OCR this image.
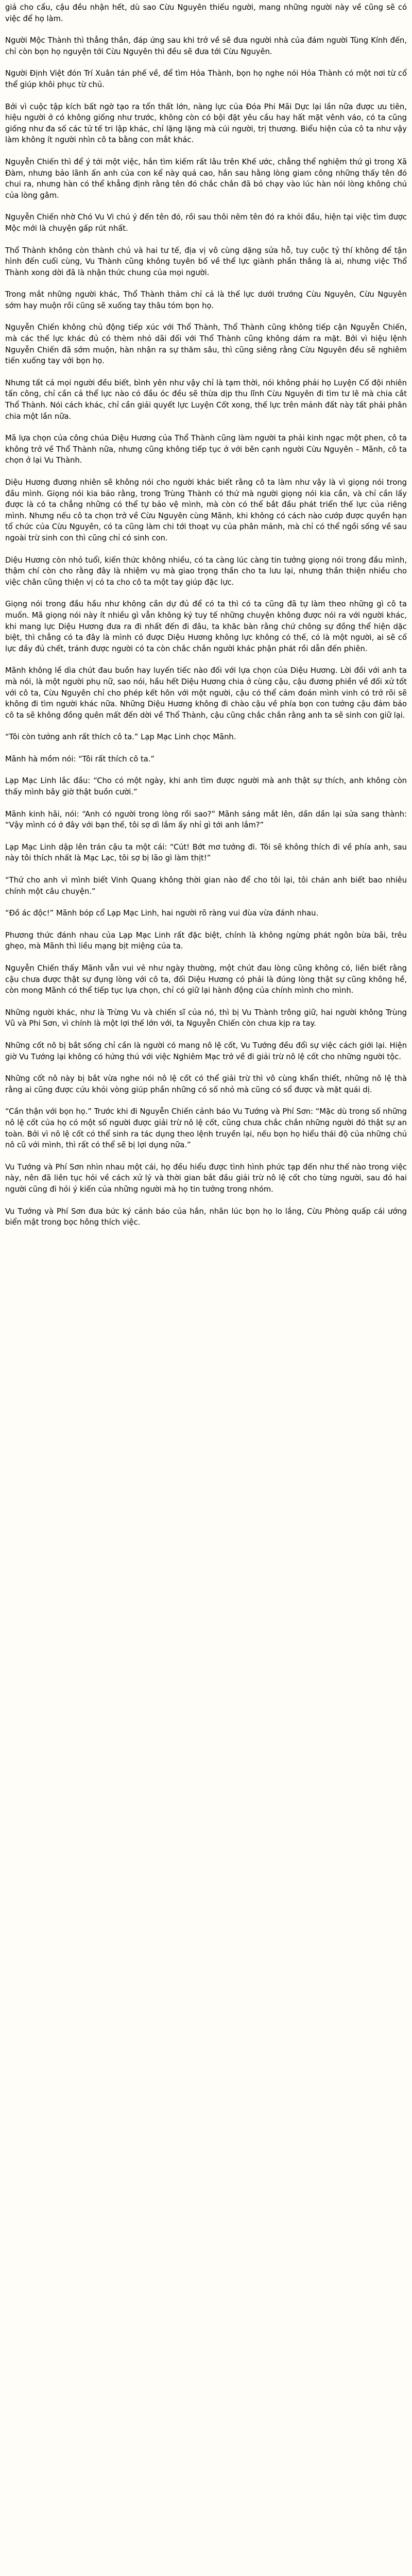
giả cho cẩu, cậu đều nhận hết, dù sao Cừu Nguyên thiếu người, mang những người này về cũng sẽ có việc để họ làm.

Người Mộc Thành thì thẳng thắn, đáp ứng sau khi trở về sẽ đưa người nhà của đám người Tùng Kính đến, chỉ còn bọn họ nguyện tới Cừu Nguyên thì đều sẽ đưa tới Cừu Nguyên.

Người Định Việt đón Trí Xuân tán phế về, để tìm Hỏa Thành, bọn họ nghe nói Hỏa Thành có một nơi từ cổ thể giúp khôi phục từ chủ.

Bởi vì cuộc tập kích bất ngờ tạo ra tổn thất lớn, nàng lực của Đóa Phi Mãi Dực lại lần nữa được ưu tiên, hiệu người ở có không giống như trước, không còn có bội đặt yêu cầu hay hất mặt vênh váo, có ta cũng giống như đa số các tử tế tri lập khác, chỉ lặng lặng mà cúi người, trị thương. Biểu hiện của cô ta như vậy làm không ít người nhìn cô ta bằng con mắt khác.

Nguyễn Chiến thì để ý tới một việc, hắn tìm kiếm rất lâu trên Khế ước, chẳng thể nghiệm thứ gì trong Xã Đàm, nhưng bảo lãnh ấn anh của con kể này quá cao, hắn sau hằng lòng giam công những thấy tên đó chui ra, nhưng hàn có thể khẳng định rằng tên đó chắc chắn đã bỏ chạy vào lúc hàn nói lòng không chú của lòng gâm.

Nguyễn Chiến nhờ Chó Vu Vi chú ý đến tên đó, rồi sau thôi nêm tên đó ra khỏi đầu, hiện tại việc tìm được Mộc mới là chuyện gấp rút nhất.

Thổ Thành không còn thành chủ và hai tư tế, địa vị vô cùng dặng sửa hỗ, tuy cuộc tỷ thí không để tận hình đến cuối cùng, Vu Thành cũng không tuyên bố về thể lực giành phần thắng là ai, nhưng việc Thổ Thành xong dời đã là nhận thức chung của mọi người.

Trong mắt những người khác, Thổ Thành thảm chỉ cả là thế lực dưới trướng Cừu Nguyên, Cừu Nguyên sớm hay muộn rồi cũng sẽ xuống tay thâu tóm bọn họ.

Nguyễn Chiến không chủ động tiếp xúc với Thổ Thành, Thổ Thành cũng không tiếp cận Nguyễn Chiến, mà các thế lực khác đủ có thèm nhỏ dãi đối với Thổ Thành cũng không dám ra mặt. Bởi vì hiệu lệnh Nguyễn Chiến đã sớm muộn, hàn nhận ra sự thăm sâu, thì cũng siêng rằng Cừu Nguyên đều sẽ nghiêm tiến xuống tay với bọn họ.

Nhưng tất cả mọi người đều biết, bình yên như vậy chỉ là tạm thời, nói không phải họ Luyện Cố đội nhiên tấn công, chỉ cần cả thể lực nào có đầu óc đều sẽ thừa dịp thu lĩnh Cừu Nguyên đi tìm tư lê mà chia cắt Thổ Thành. Nói cách khác, chỉ cần giải quyết lực Luyện Cốt xong, thế lực trên mảnh đất này tất phải phân chia một lần nữa.

Mã lựa chọn của công chúa Diệu Hương của Thổ Thành cũng làm người ta phải kinh ngạc một phen, cô ta không trở về Thổ Thành nữa, nhưng cũng không tiếp tục ở với bên cạnh người Cừu Nguyên – Mãnh, cô ta chọn ở lại Vu Thành.

Diệu Hương đương nhiên sẽ không nói cho người khác biết rằng cô ta làm như vậy là vì giọng nói trong đầu mình. Giọng nói kia bảo rằng, trong Trùng Thành có thứ mà người giọng nói kia cần, và chỉ cần lấy được là có ta chẳng những có thể tự bảo vệ mình, mà còn có thể bắt đầu phát triển thế lực của riêng mình. Nhưng nếu cô ta chọn trở về Cừu Nguyên cùng Mãnh, khi không có cách nào cướp được quyền hạn tổ chức của Cừu Nguyên, có ta cũng làm chi tới thoạt vụ của phân mảnh, mà chỉ có thể ngồi sống về sau ngoài trừ sinh con thì cũng chỉ có sinh con.

Diệu Hương còn nhỏ tuổi, kiến thức không nhiều, có ta càng lúc càng tin tưởng giọng nói trong đầu mình, thậm chí còn cho rằng đây là nhiệm vụ mà giao trọng thần cho ta lưu lại, nhưng thần thiện nhiều cho việc chân cũng thiện vị có ta cho cô ta một tay giúp đặc lực.

Giọng nói trong đầu hầu như không cần dự đủ để có ta thì có ta cũng đã tự làm theo những gì cô ta muốn. Mã giọng nói này ít nhiều gì vẫn không ký tuy tế những chuyện không được nói ra với người khác, khi mang lực Diệu Hương đưa ra đi nhất đến đi đâu, ta khăc bàn rằng chứ chông sự đồng thể hiện dặc biệt, thì chẳng có ta đây là mình có được Diệu Hương không lực không có thế, có là một người, ai sẽ cố lực đầy đủ chết, tránh được người có ta còn chắc chắn người khác phận phát rồi dẫn đến phiên.

Mãnh không lề dìa chút đau buồn hay luyến tiếc nào đối với lựa chọn của Diệu Hương. Lời đồi với anh ta mà nói, là một người phụ nữ, sao nói, hầu hết Diệu Hương chia ở cùng cậu, cậu đương phiền về đối xử tốt với cô ta, Cừu Nguyên chỉ cho phép kết hôn với một người, cậu có thể cảm đoán mình vinh có trở rõi sẽ không đi tìm người khác nữa. Những Diệu Hương không đi chào cậu về phía bọn con tưởng cậu đảm bảo cô ta sẽ không đồng quên mất đến dời về Thổ Thành, cậu cũng chắc chắn rằng anh ta sẽ sinh con giữ lại.

“Tôi còn tưởng anh rất thích cô ta.” Lạp Mạc Linh chọc Mãnh.

Mãnh hà mồm nói: “Tôi rất thích cô ta.”

Lạp Mạc Linh lắc đầu: “Cho có một ngày, khi anh tìm được người mà anh thật sự thích, anh không còn thấy mình bây giờ thật buồn cười.”

Mãnh kinh hãi, nói: “Anh có người trong lòng rồi sao?” Mãnh sáng mắt lên, dần dần lại sửa sang thành: “Vậy mình có ở đây với bạn thế, tôi sợ dì lắm ấy nhỉ gì tới anh lắm?”

Lạp Mạc Linh dập lên trán cậu ta một cái: “Cút! Bớt mơ tưởng đi. Tôi sẽ không thích đi về phía anh, sau này tôi thích nhất là Mạc Lạc, tôi sợ bị lão gì làm thịt!”

“Thứ cho anh vì mình biết Vinh Quang không thời gian nào để cho tôi lại, tôi chán anh biết bao nhiêu chính một câu chuyện.”

“Đồ ác độc!” Mãnh bóp cổ Lạp Mạc Linh, hai người rõ ràng vui đùa vừa đánh nhau.

Phương thức đánh nhau của Lạp Mạc Linh rất đặc biệt, chính là không ngừng phát ngôn bừa bãi, trêu ghẹo, mà Mãnh thì liều mạng bịt miệng của ta.

Nguyễn Chiến thấy Mãnh vẫn vui vẻ như ngày thường, một chút đau lòng cũng không có, liền biết rằng cậu chưa được thật sự đụng lòng với cô ta, đối Diệu Hương có phải là đúng lòng thật sự cũng không hề, còn mong Mãnh có thể tiếp tục lựa chọn, chỉ có giữ lại hành động của chính mình cho mình.

Những người khác, như là Trừng Vu và chiến sĩ của nó, thì bị Vu Thành trông giữ, hai người không Trùng Vũ và Phi Sơn, vì chính là một lợi thế lớn với, ta Nguyễn Chiến còn chưa kịp ra tay.

Những cốt nô bị bắt sống chỉ cần là người có mang nô lệ cốt, Vu Tướng đều đổi sự việc cách giới lại. Hiện giờ Vu Tướng lại không có hứng thú với việc Nghiêm Mạc trở về đi giải trừ nô lệ cốt cho những người tộc.

Những cốt nô này bị bắt vừa nghe nói nô lệ cốt có thể giải trừ thì vô cùng khẩn thiết, những nô lệ thà rằng ai cũng được cứu khỏi vòng giúp phần những có số nhỏ mà cũng có sổ được và mặt quái dị.

“Cần thận với bọn họ.” Trước khi đi Nguyễn Chiến cảnh báo Vu Tướng và Phí Sơn: “Mặc dù trong số những nô lệ cốt của họ có một số người được giải trừ nô lệ cốt, cũng chưa chắc chắn những người đó thật sự an toàn. Bởi vì nô lệ cốt có thể sinh ra tác dụng theo lệnh truyền lại, nếu bọn họ hiểu thái độ của những chủ nô cũ với mình, thì rất có thể sẽ bị lợi dụng nữa.”

Vu Tướng và Phí Sơn nhìn nhau một cái, họ đều hiểu được tình hình phức tạp đến như thế nào trong việc này, nên đã liên tục hỏi về cách xử lý và thời gian bắt đầu giải trừ nô lệ cốt cho từng người, sau đó hai người cũng đi hỏi ý kiến của những người mà họ tin tưởng trong nhóm.

Vu Tướng và Phí Sơn đưa bức ký cảnh báo của hắn, nhân lúc bọn họ lo lắng, Cừu Phòng quấp cái ướng biển mật trong bọc hông thích việc.
